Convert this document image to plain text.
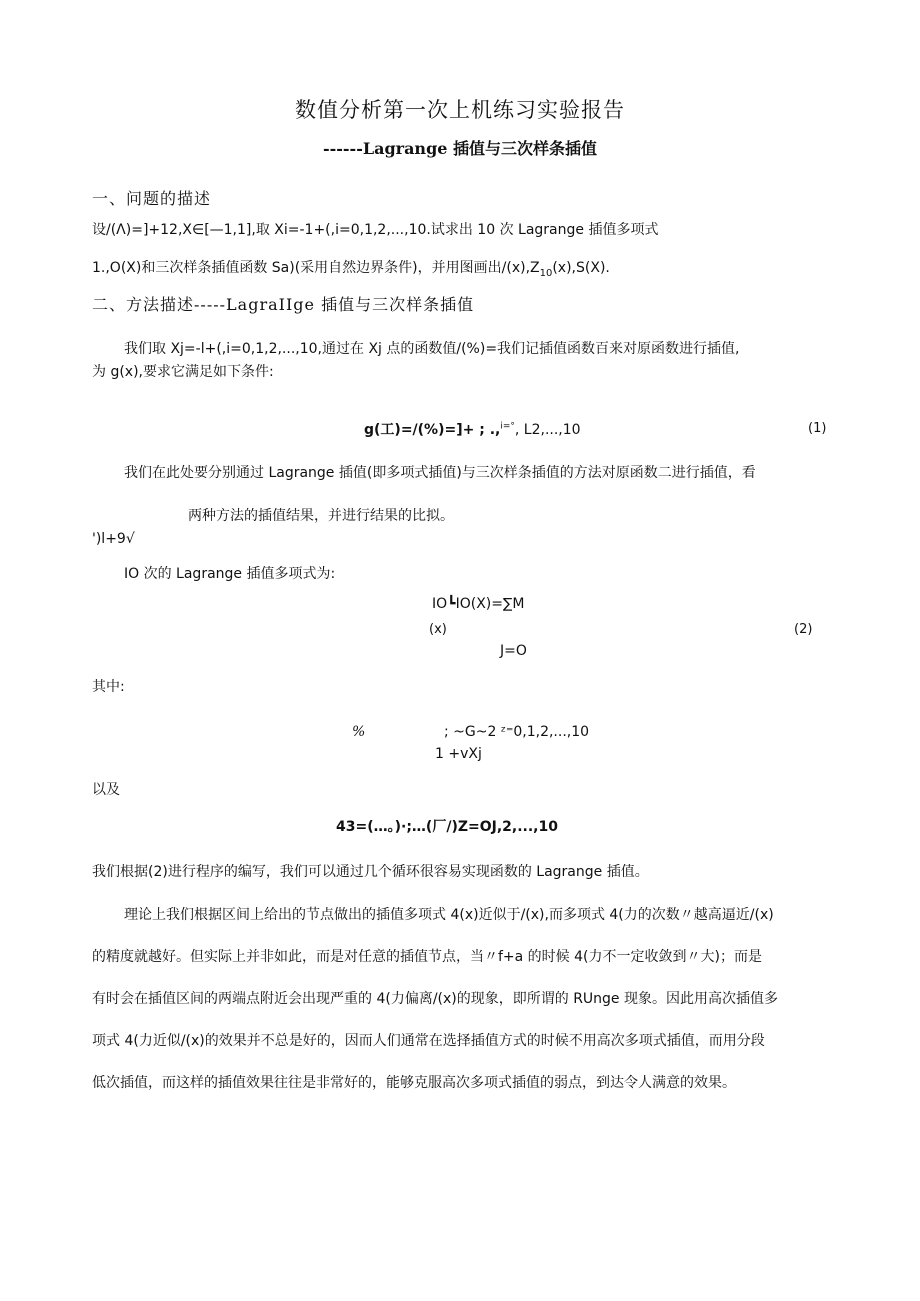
数值分析第一次上机练习实验报告
------Lagrange 插值与三次样条插值
一、问题的描述
设/(Λ)=]+12,X∈[—1,1],取 Xi=-1+(,i=0,1,2,...,10.试求出 10 次 Lagrange 插值多项式
1.,O(X)和三次样条插值函数 Sa)(采用自然边界条件)，并用图画出$/(x),Z_{10}(x),S(X)$.
二、方法描述-----LagraIIge 插值与三次样条插值
我们取 Xj=-l+(,i=0,1,2,...,10,通过在 Xj 点的函数值/(%)=我们记插值函数百来对原函数进行插值,
为 g(x),要求它满足如下条件:
g(工)=/(%)=]+ ; .,$^{i=^\circ}$, L2,...,10	(1)
我们在此处要分别通过 Lagrange 插值(即多项式插值)与三次样条插值的方法对原函数二进行插值，看
两种方法的插值结果，并进行结果的比拟。
')l+9√
IO 次的 Lagrange 插值多项式为:
IO┗IO(X)=∑M
(x)	(2)
J=O
其中:
%	; ~G~2 ᶻ⁼0,1,2,...,10
1 +vXj
以及
43=(…。)·;…(厂/)Z=OJ,2,...,10
我们根据(2)进行程序的编写，我们可以通过几个循环很容易实现函数的 Lagrange 插值。
理论上我们根据区间上给出的节点做出的插值多项式 4(x)近似于/(x),而多项式 4(力的次数〃越高逼近/(x)
的精度就越好。但实际上并非如此，而是对任意的插值节点，当〃f+a 的时候 4(力不一定收敛到〃大)；而是
有时会在插值区间的两端点附近会出现严重的 4(力偏离/(x)的现象，即所谓的 RUnge 现象。因此用高次插值多
项式 4(力近似/(x)的效果并不总是好的，因而人们通常在选择插值方式的时候不用高次多项式插值，而用分段
低次插值，而这样的插值效果往往是非常好的，能够克服高次多项式插值的弱点，到达令人满意的效果。
